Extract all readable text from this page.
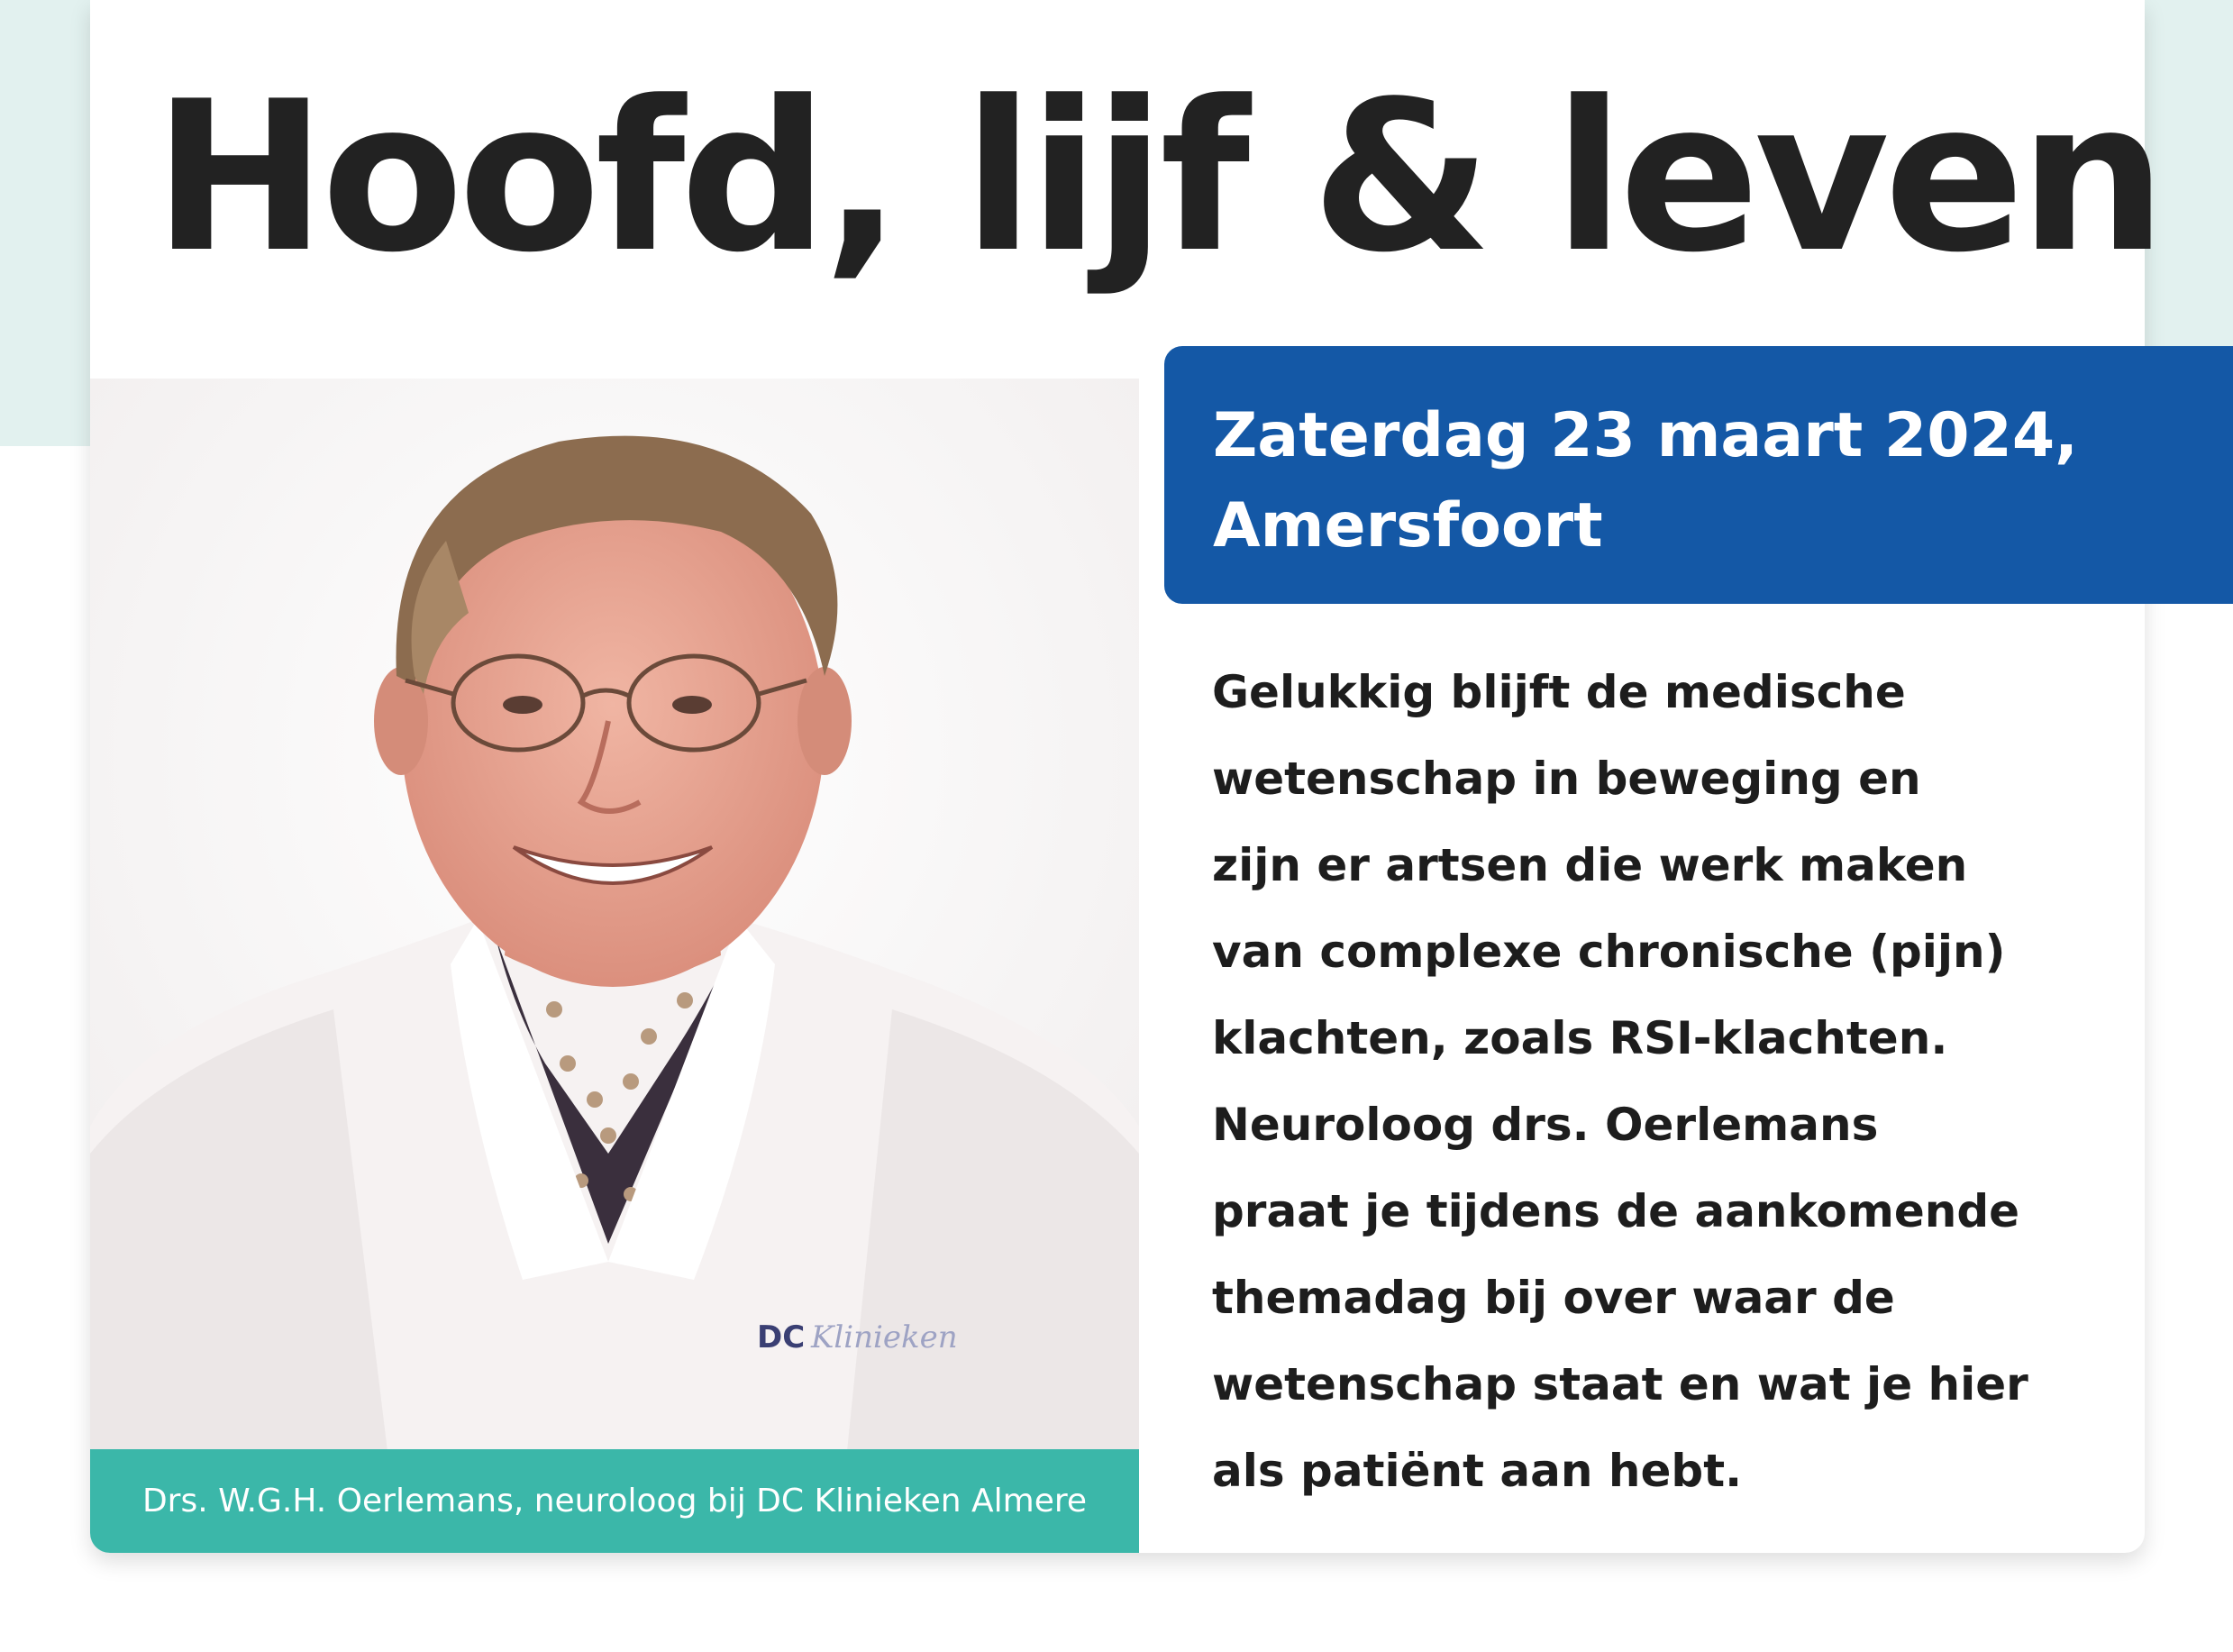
Hoofd, lijf & leven
DC Klinieken
Drs. W.G.H. Oerlemans, neuroloog bij DC Klinieken Almere
Zaterdag 23 maart 2024,
Amersfoort
Gelukkig blijft de medische
wetenschap in beweging en
zijn er artsen die werk maken
van complexe chronische (pijn)
klachten, zoals RSI-klachten.
Neuroloog drs. Oerlemans
praat je tijdens de aankomende
themadag bij over waar de
wetenschap staat en wat je hier
als patiënt aan hebt.
